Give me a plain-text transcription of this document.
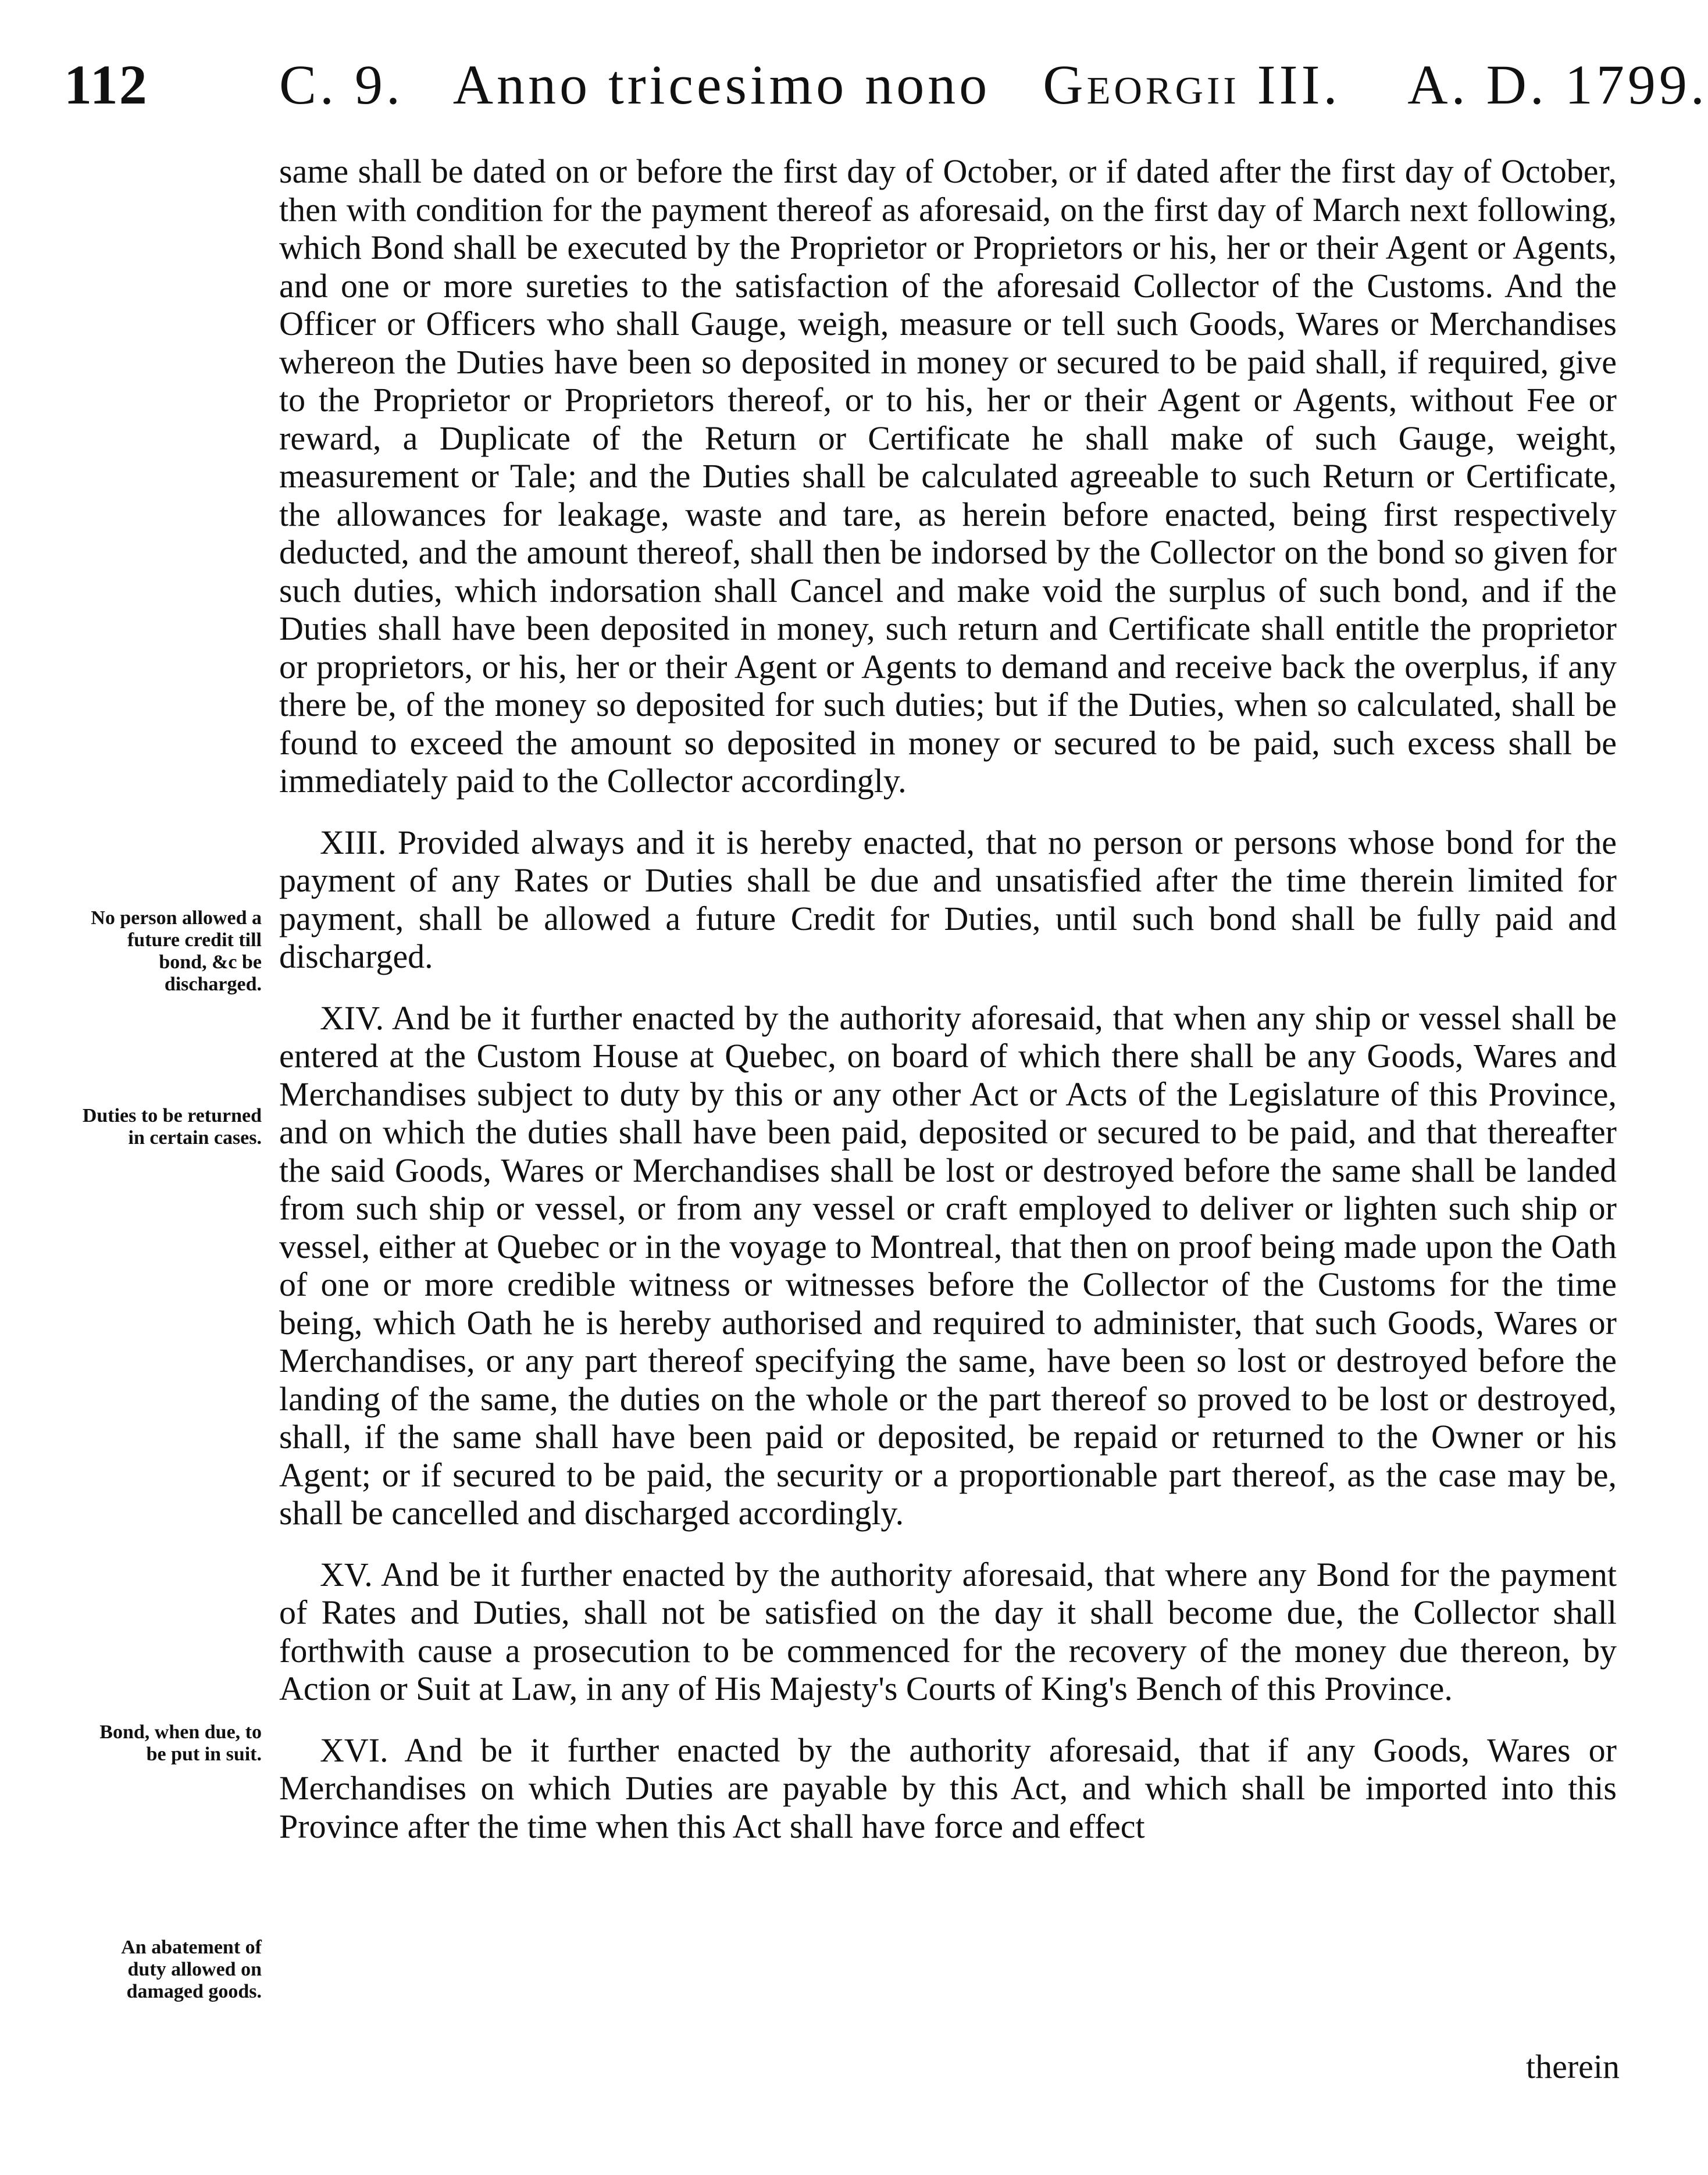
112 C. 9. Anno tricesimo nono Georgii III. A. D. 1799.

same shall be dated on or before the first day of October, or if dated after the first day of October, then with condition for the payment thereof as aforesaid, on the first day of March next following, which Bond shall be executed by the Proprietor or Proprietors or his, her or their Agent or Agents, and one or more sureties to the satisfaction of the aforesaid Collector of the Customs. And the Officer or Officers who shall Gauge, weigh, measure or tell such Goods, Wares or Merchandises whereon the Duties have been so deposited in money or secured to be paid shall, if required, give to the Proprietor or Proprietors thereof, or to his, her or their Agent or Agents, without Fee or reward, a Duplicate of the Return or Certificate he shall make of such Gauge, weight, measurement or Tale; and the Duties shall be calculated agreeable to such Return or Certificate, the allowances for leakage, waste and tare, as herein before enacted, being first respectively deducted, and the amount thereof, shall then be indorsed by the Collector on the bond so given for such duties, which indorsation shall Cancel and make void the surplus of such bond, and if the Duties shall have been deposited in money, such return and Certificate shall entitle the proprietor or proprietors, or his, her or their Agent or Agents to demand and receive back the overplus, if any there be, of the money so deposited for such duties; but if the Duties, when so calculated, shall be found to exceed the amount so deposited in money or secured to be paid, such excess shall be immediately paid to the Collector accordingly.

XIII. Provided always and it is hereby enacted, that no person or persons whose bond for the payment of any Rates or Duties shall be due and unsatisfied after the time therein limited for payment, shall be allowed a future Credit for Duties, until such bond shall be fully paid and discharged.

XIV. And be it further enacted by the authority aforesaid, that when any ship or vessel shall be entered at the Custom House at Quebec, on board of which there shall be any Goods, Wares and Merchandises subject to duty by this or any other Act or Acts of the Legislature of this Province, and on which the duties shall have been paid, deposited or secured to be paid, and that thereafter the said Goods, Wares or Merchandises shall be lost or destroyed before the same shall be landed from such ship or vessel, or from any vessel or craft employed to deliver or lighten such ship or vessel, either at Quebec or in the voyage to Montreal, that then on proof being made upon the Oath of one or more credible witness or witnesses before the Collector of the Customs for the time being, which Oath he is hereby authorised and required to administer, that such Goods, Wares or Merchandises, or any part thereof specifying the same, have been so lost or destroyed before the landing of the same, the duties on the whole or the part thereof so proved to be lost or destroyed, shall, if the same shall have been paid or deposited, be repaid or returned to the Owner or his Agent; or if secured to be paid, the security or a proportionable part thereof, as the case may be, shall be cancelled and discharged accordingly.

XV. And be it further enacted by the authority aforesaid, that where any Bond for the payment of Rates and Duties, shall not be satisfied on the day it shall become due, the Collector shall forthwith cause a prosecution to be commenced for the recovery of the money due thereon, by Action or Suit at Law, in any of His Majesty's Courts of King's Bench of this Province.

XVI. And be it further enacted by the authority aforesaid, that if any Goods, Wares or Merchandises on which Duties are payable by this Act, and which shall be imported into this Province after the time when this Act shall have force and effect

No person allowed a future credit till bond, &c be discharged.
Duties to be returned in certain cases.
Bond, when due, to be put in suit.
An abatement of duty allowed on damaged goods.
therein
